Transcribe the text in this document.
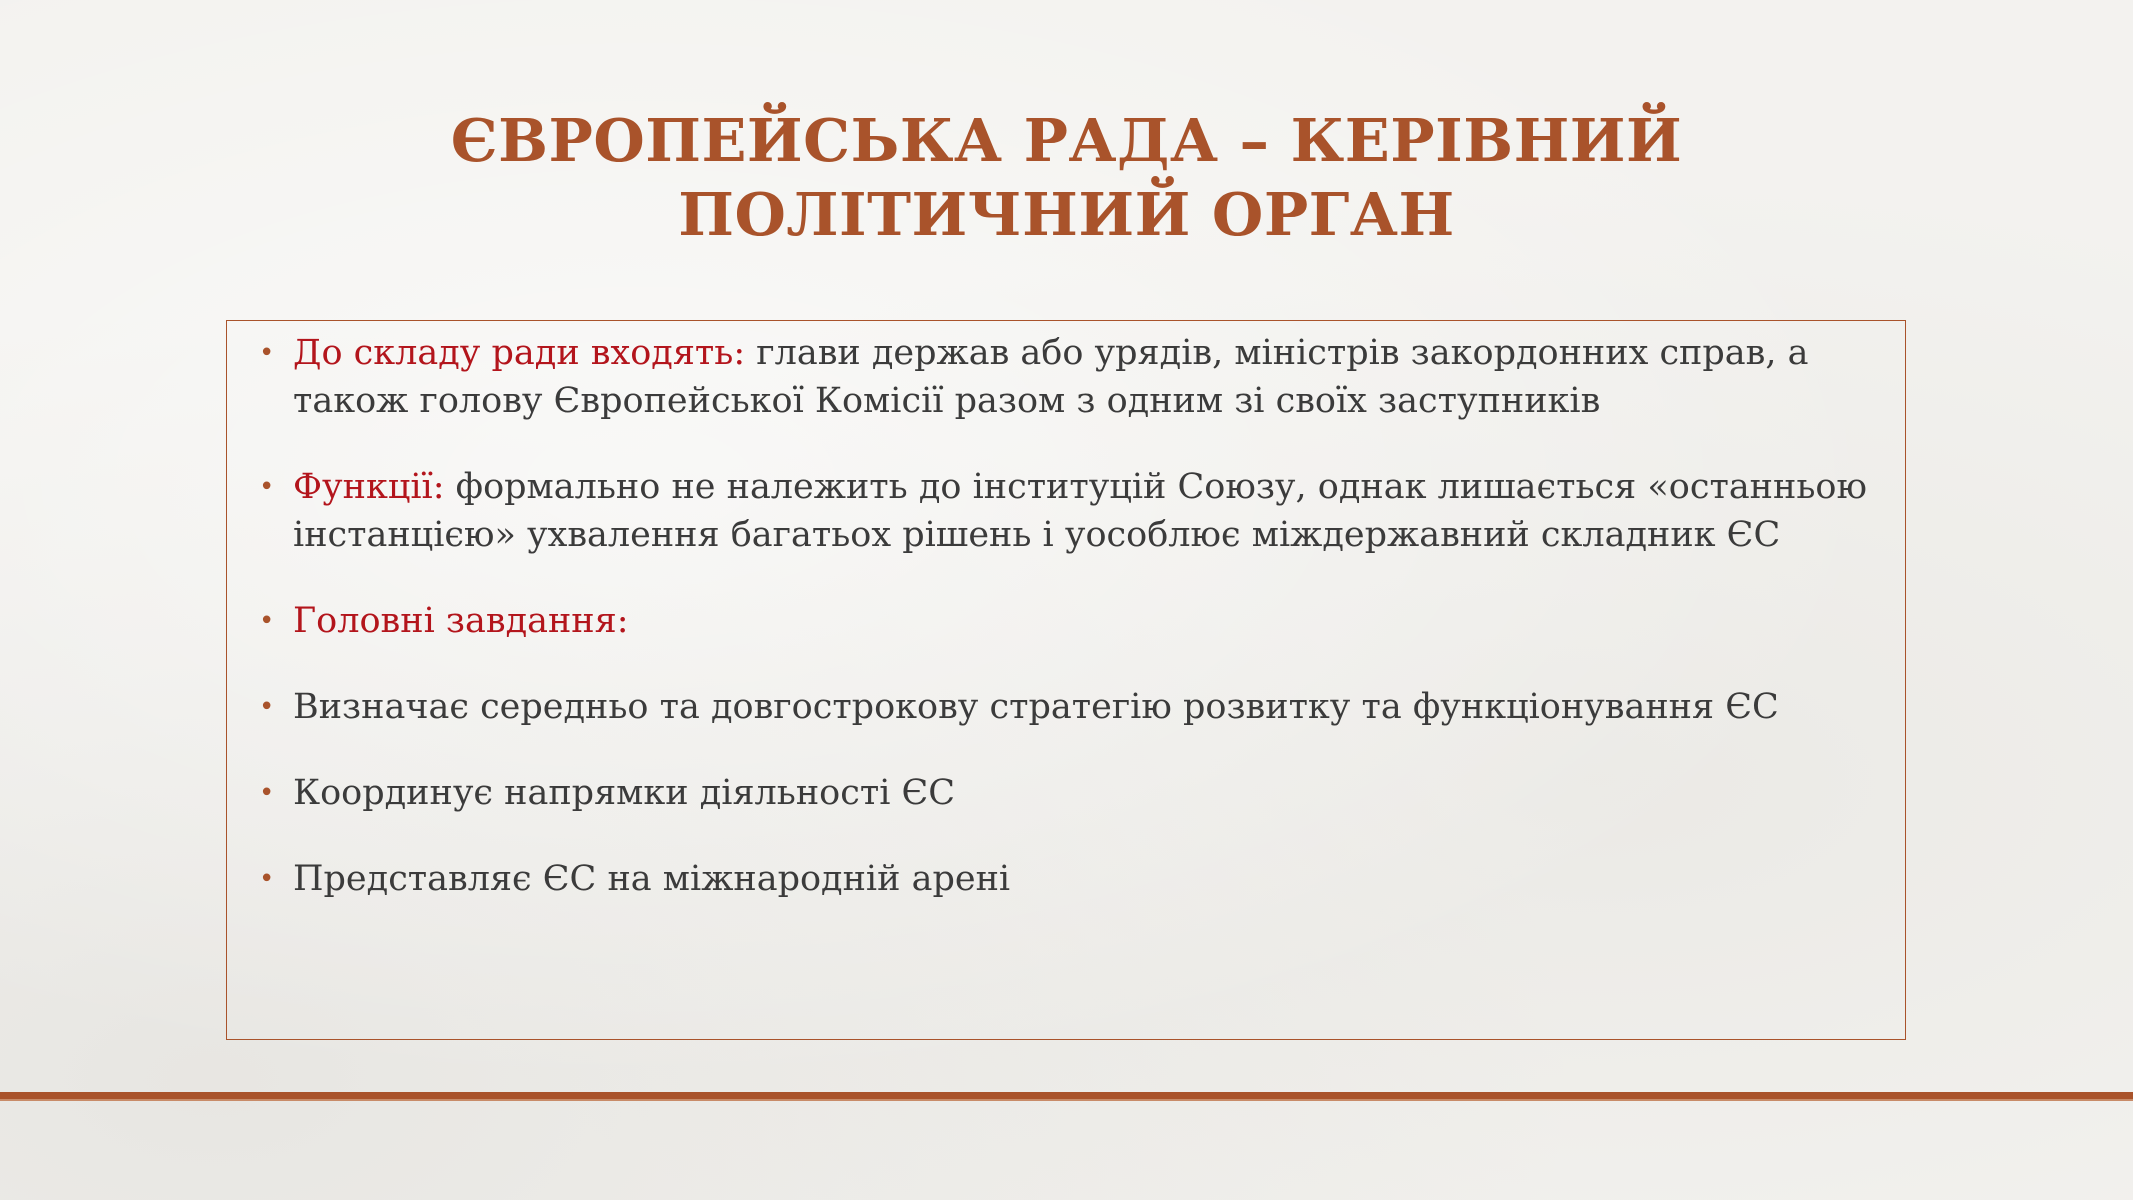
ЄВРОПЕЙСЬКА РАДА – КЕРІВНИЙ ПОЛІТИЧНИЙ ОРГАН
• До складу ради входять: глави держав або урядів, міністрів закордонних справ, а також голову Європейської Комісії разом з одним зі своїх заступників
• Функції: формально не належить до інституцій Союзу, однак лишається «останньою інстанцією» ухвалення багатьох рішень і уособлює міждержавний складник ЄС
• Головні завдання:
• Визначає середньо та довгострокову стратегію розвитку та функціонування ЄС
• Координує напрямки діяльності ЄС
• Представляє ЄС на міжнародній арені
